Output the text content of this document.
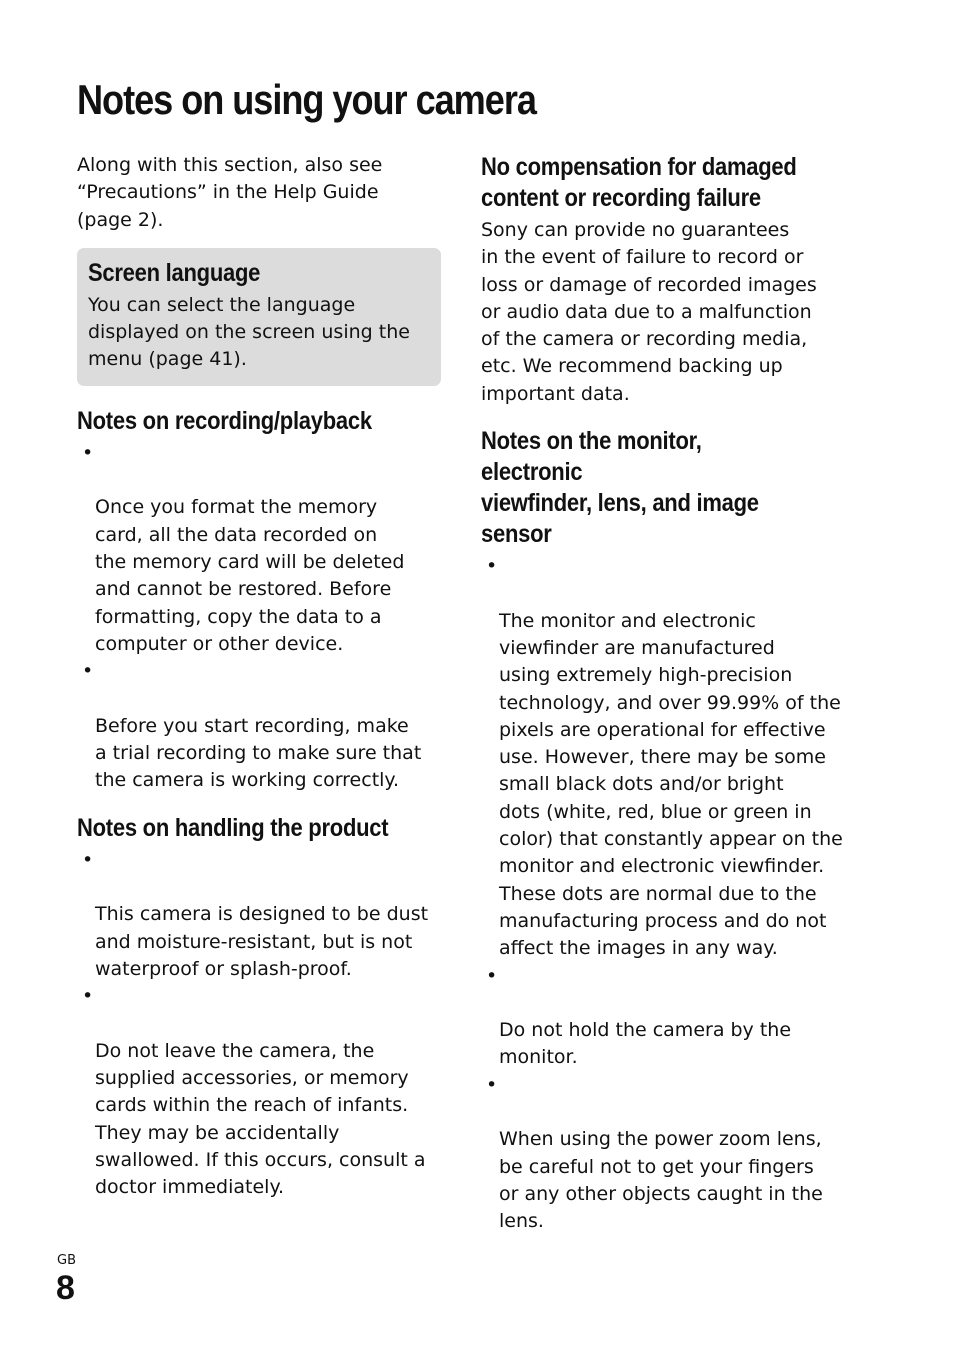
Notes on using your camera

Along with this section, also see
“Precautions” in the Help Guide
(page 2).

Screen language

You can select the language
displayed on the screen using the
menu (page 41).

Notes on recording/playback

•

Once you format the memory
card, all the data recorded on
the memory card will be deleted
and cannot be restored. Before
formatting, copy the data to a
computer or other device.

•

Before you start recording, make
a trial recording to make sure that
the camera is working correctly.

Notes on handling the product

•

This camera is designed to be dust
and moisture-resistant, but is not
waterproof or splash-proof.

•

Do not leave the camera, the
supplied accessories, or memory
cards within the reach of infants.
They may be accidentally
swallowed. If this occurs, consult a
doctor immediately.

No compensation for damaged
content or recording failure

Sony can provide no guarantees
in the event of failure to record or
loss or damage of recorded images
or audio data due to a malfunction
of the camera or recording media,
etc. We recommend backing up
important data.

Notes on the monitor, electronic
viewfinder, lens, and image sensor

•

The monitor and electronic
viewfinder are manufactured
using extremely high-precision
technology, and over 99.99% of the
pixels are operational for effective
use. However, there may be some
small black dots and/or bright
dots (white, red, blue or green in
color) that constantly appear on the
monitor and electronic viewfinder.
These dots are normal due to the
manufacturing process and do not
affect the images in any way.

•

Do not hold the camera by the
monitor.

•

When using the power zoom lens,
be careful not to get your fingers
or any other objects caught in the
lens.

GB
8
